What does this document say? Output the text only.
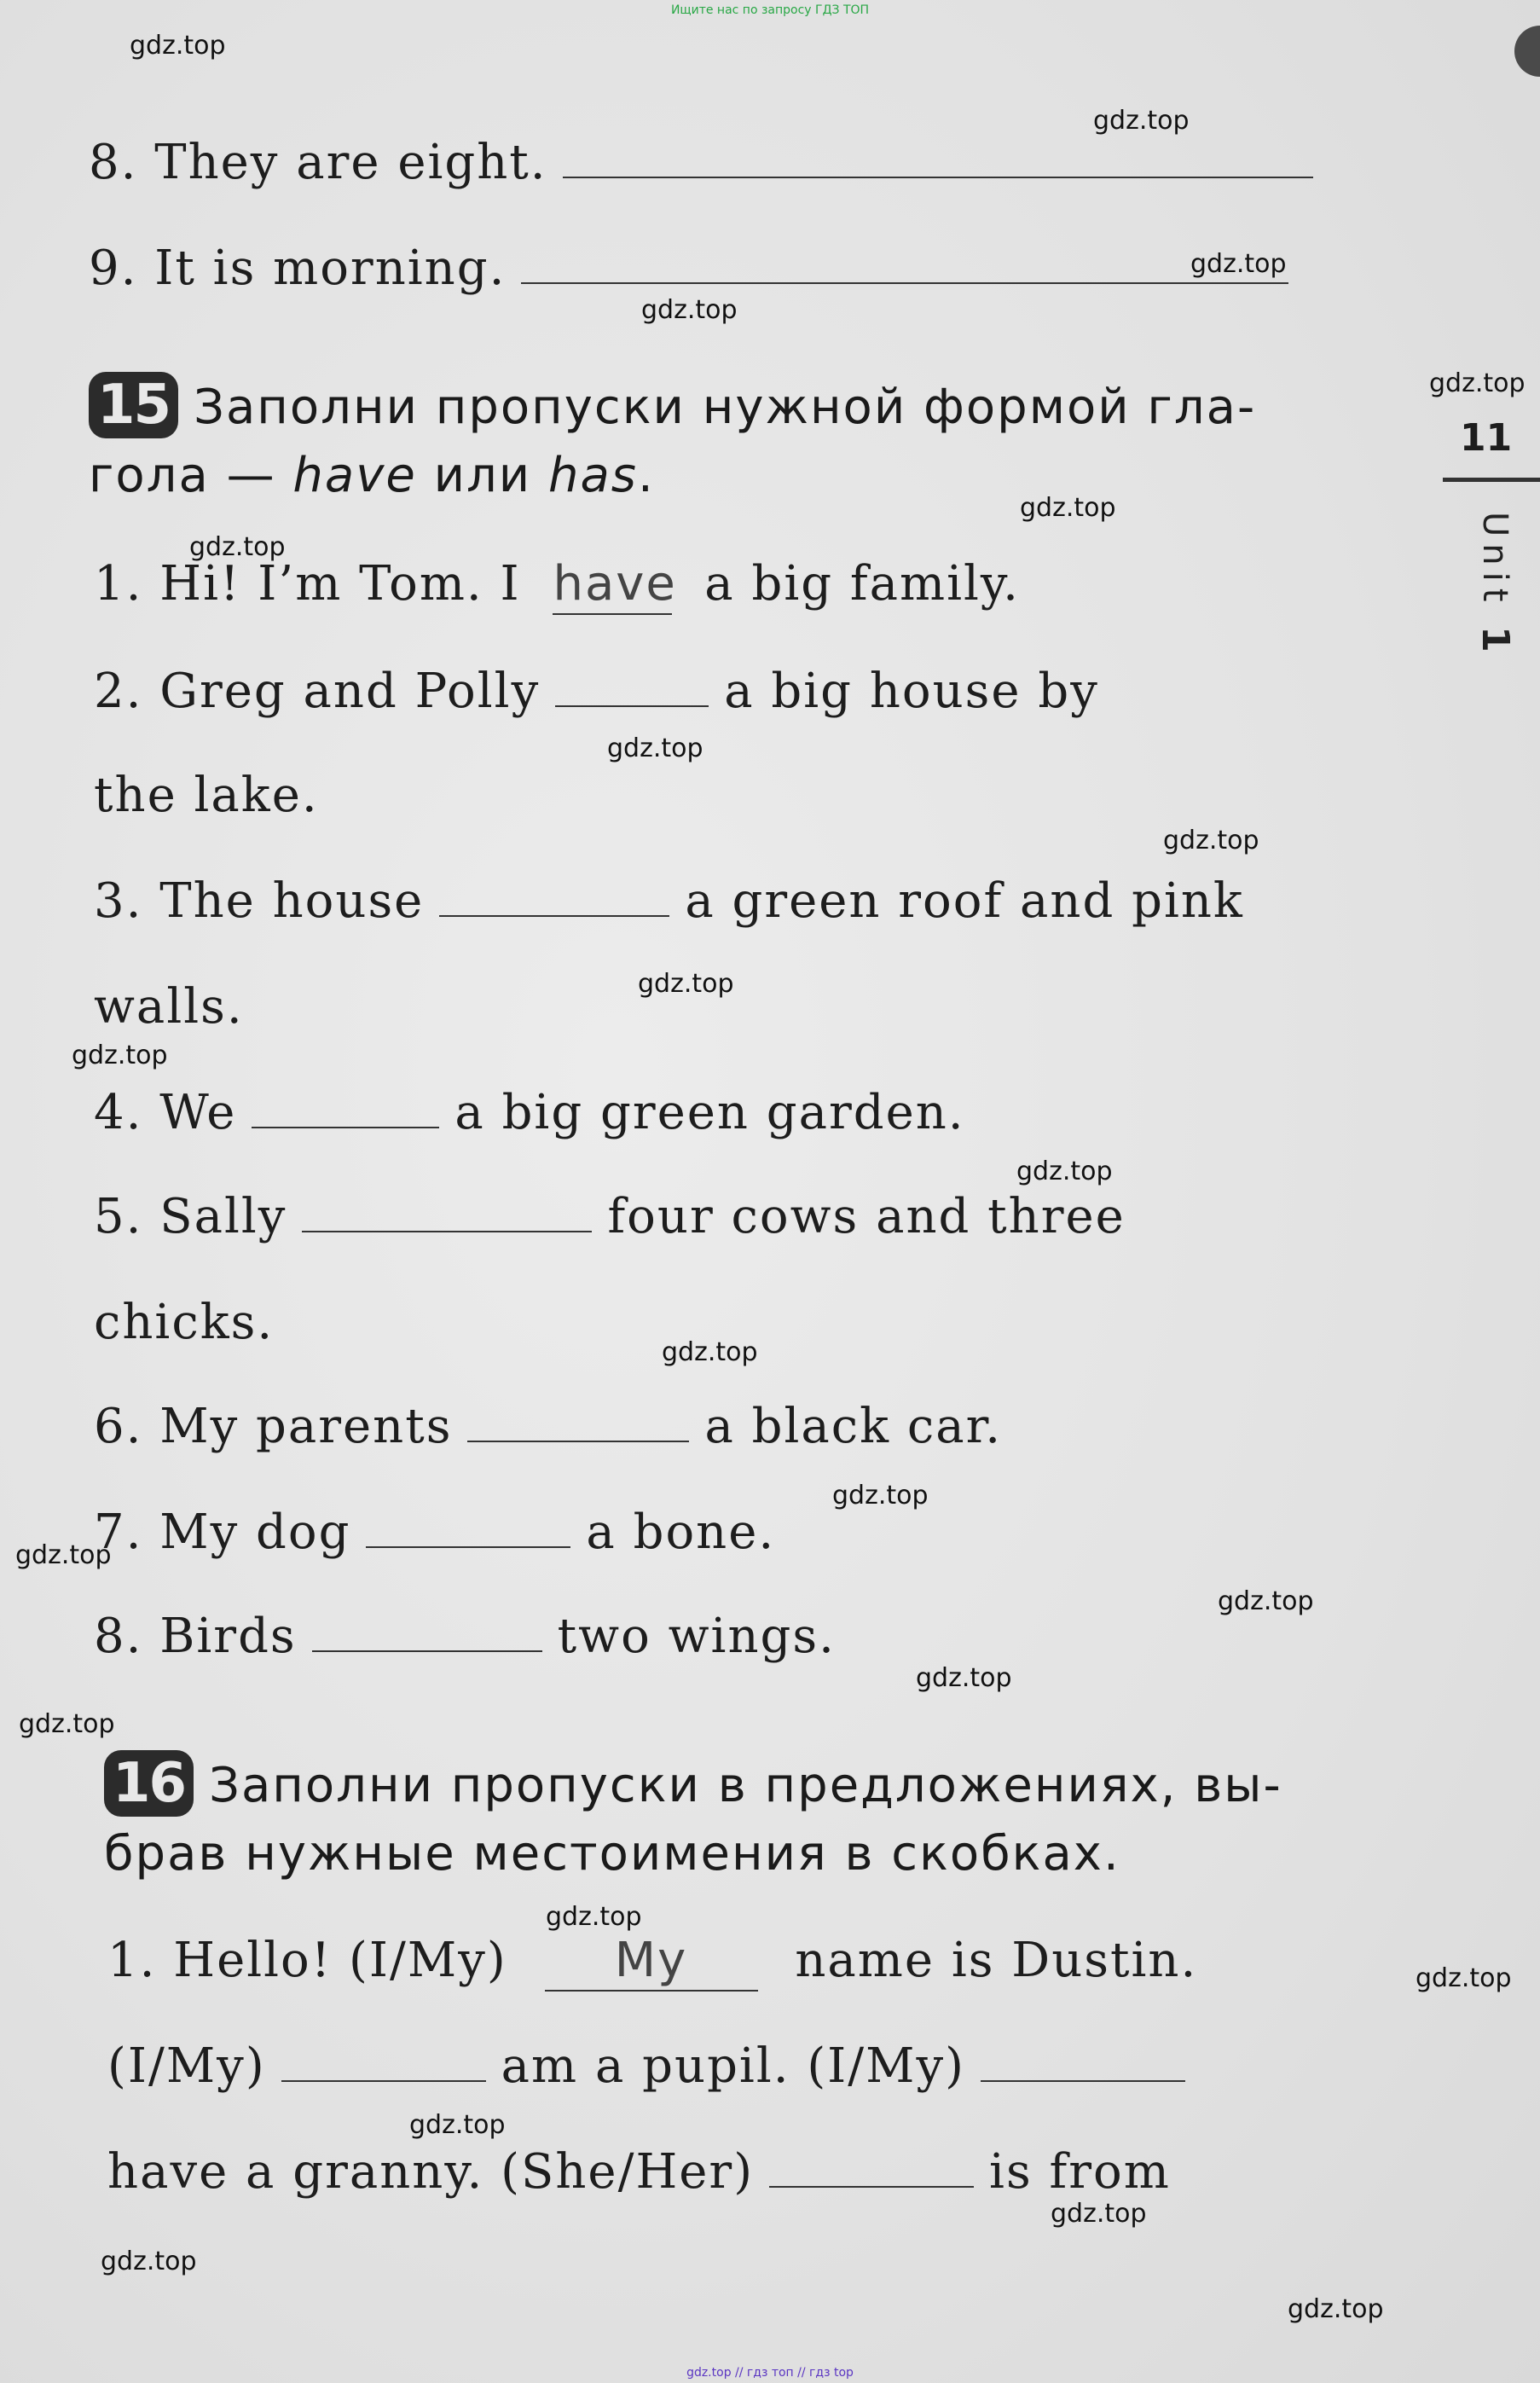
Ищите нас по запросу ГДЗ ТОП
8. They are eight.
9. It is morning.
15 Заполни пропуски нужной формой гла-
гола — have или has.
1. Hi! I’m Tom. I have a big family.
2. Greg and Polly	a big house by
the lake.
3. The house	a green roof and pink
walls.
4. We	a big green garden.
5. Sally	four cows and three
chicks.
6. My parents	a black car.
7. My dog	a bone.
8. Birds	two wings.
16 Заполни пропуски в предложениях, вы-
брав нужные местоимения в скобках.
1. Hello! (I/My) My name is Dustin.
(I/My)	am a pupil. (I/My)
have a granny. (She/Her)	is from
11
Unit 1
gdz.top
gdz.top
gdz.top
gdz.top
gdz.top
gdz.top
gdz.top
gdz.top
gdz.top
gdz.top
gdz.top
gdz.top
gdz.top
gdz.top
gdz.top
gdz.top
gdz.top
gdz.top
gdz.top
gdz.top
gdz.top
gdz.top
gdz.top
gdz.top
gdz.top // гдз топ // гдз top
